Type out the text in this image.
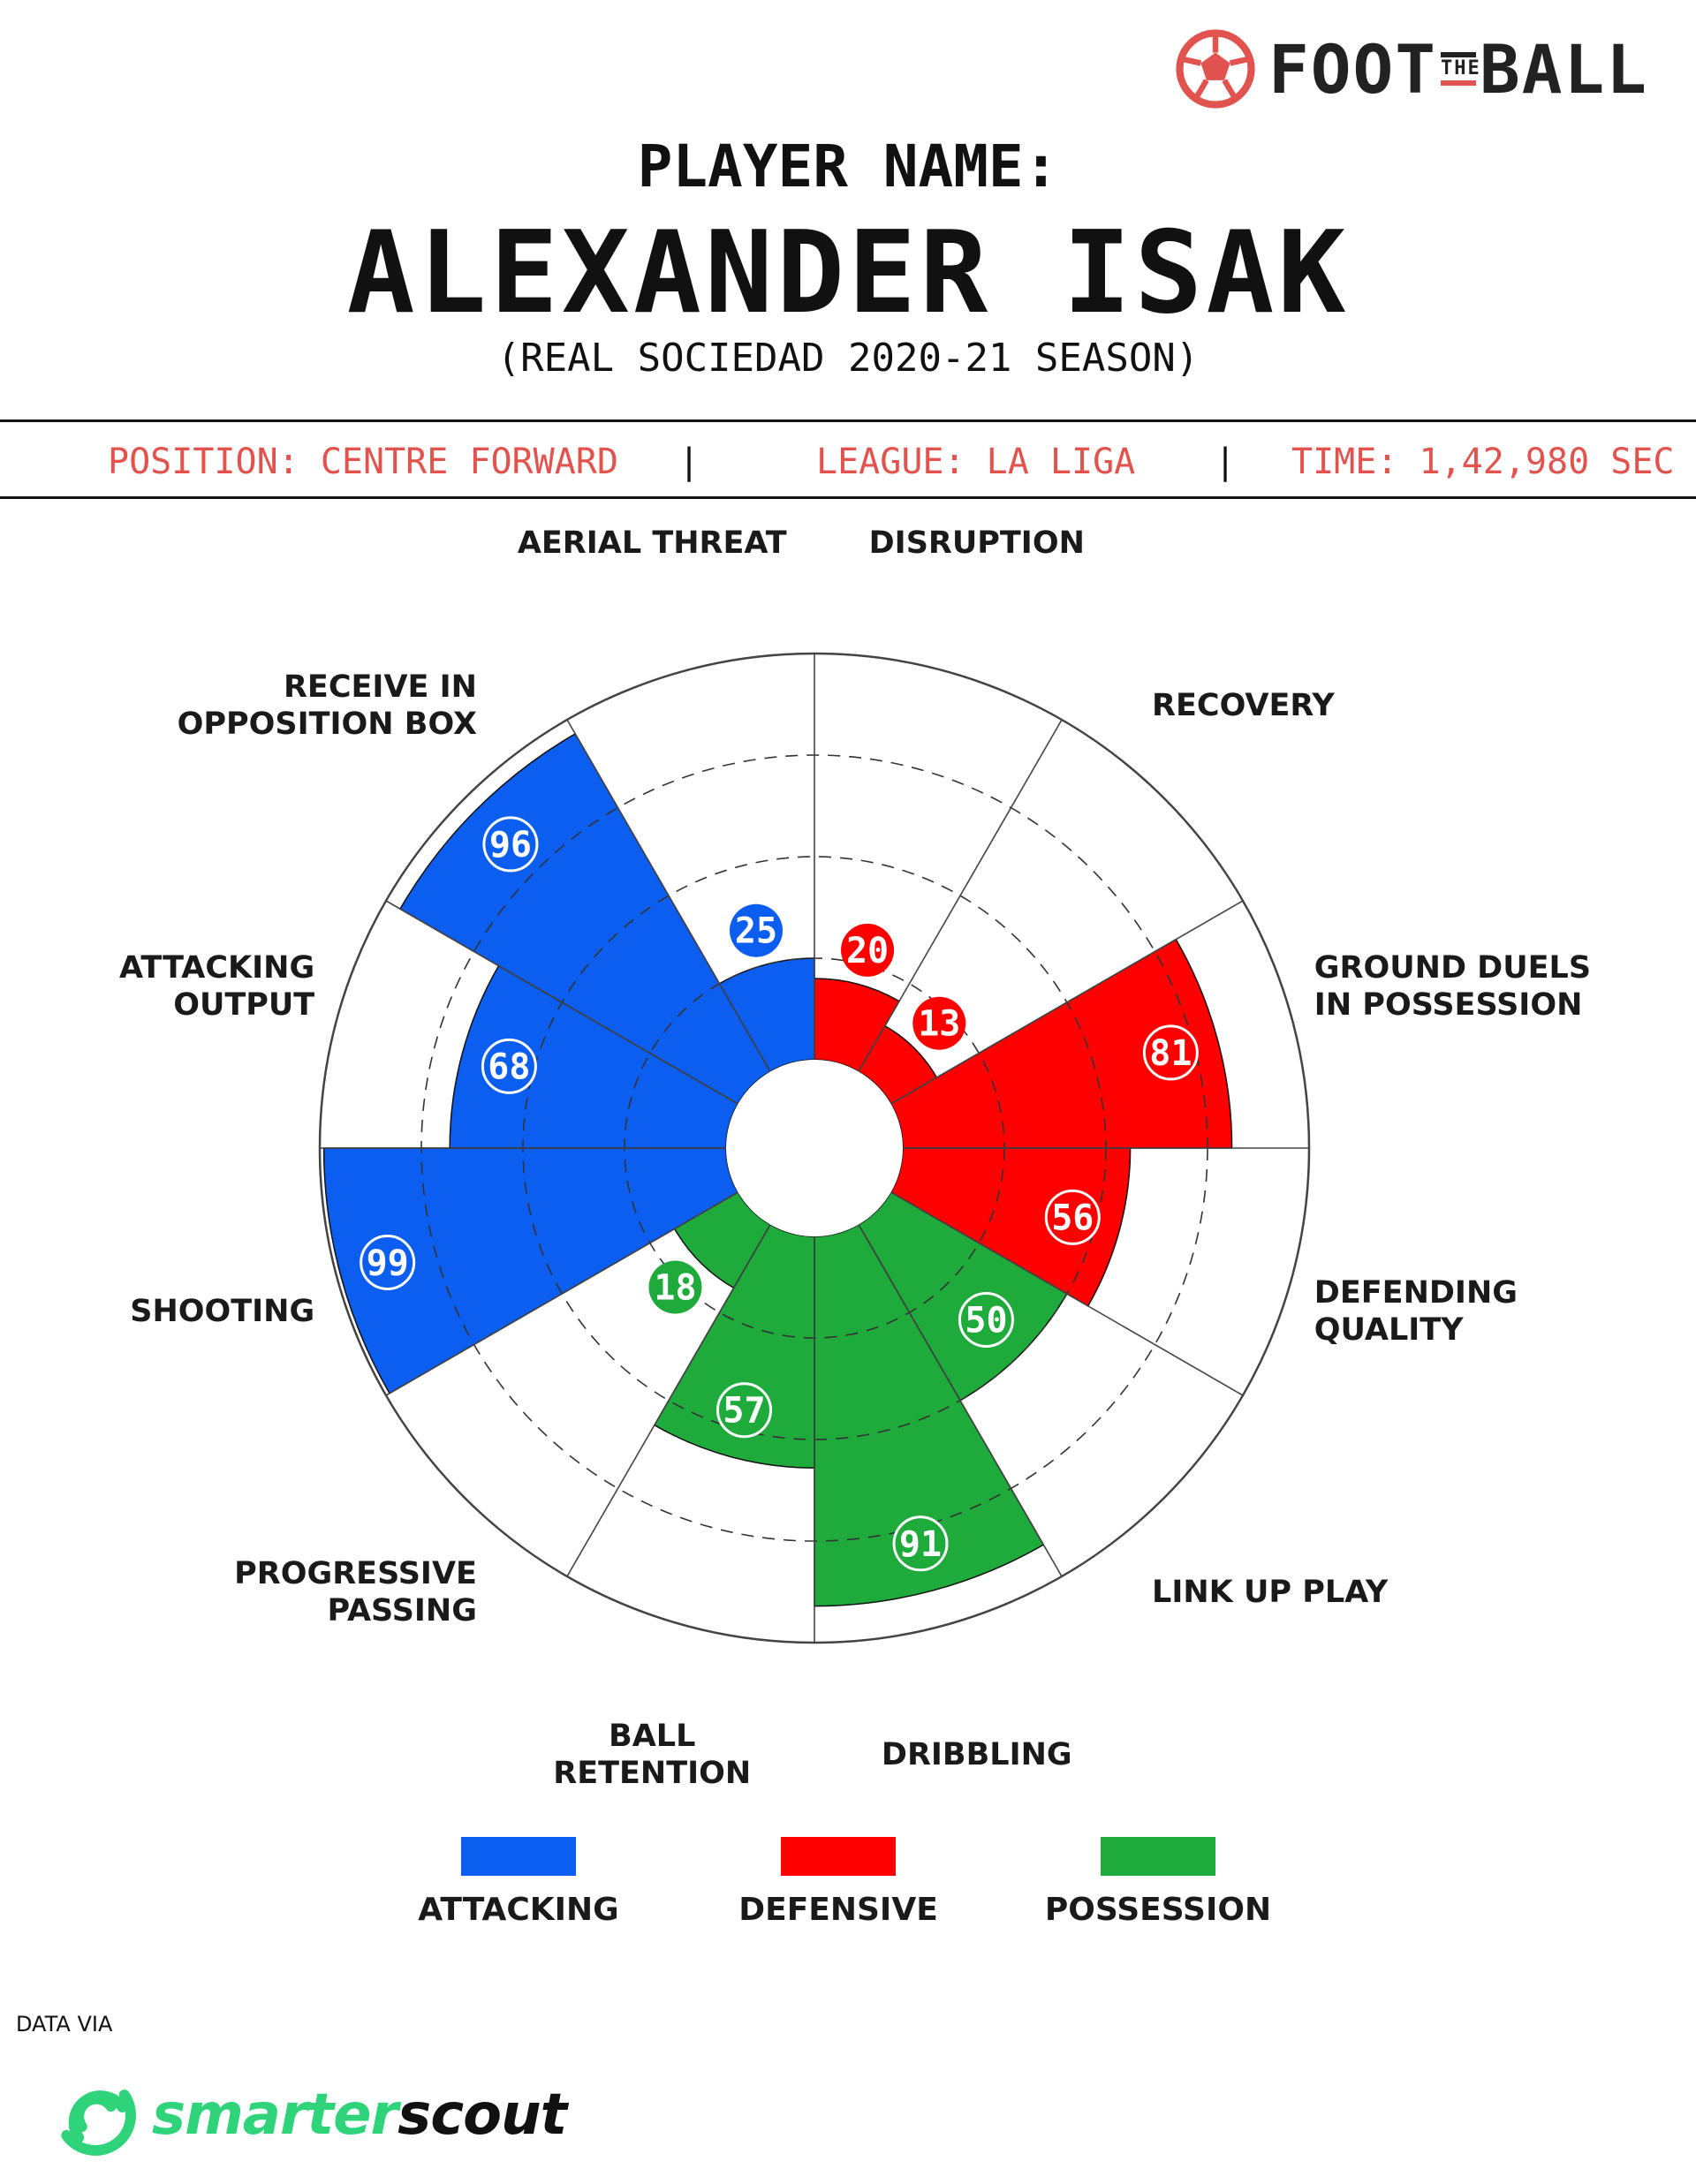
FOOT THE
BALL
PLAYER NAME:
ALEXANDER ISAK
(REAL SOCIEDAD 2020-21 SEASON)
POSITION: CENTRE FORWARD |	LEAGUE: LA LIGA | TIME: 1,42,980 SEC
20
13
81
56
50
91
57
18
99
68
96
25
DISRUPTION
RECOVERY
GROUND DUELS
IN POSSESSION
DEFENDING
QUALITY
LINK UP PLAY
DRIBBLING
BALL
RETENTION
PROGRESSIVE
PASSING
SHOOTING
ATTACKING
OUTPUT
RECEIVE IN
OPPOSITION BOX
AERIAL THREAT
ATTACKING	DEFENSIVE	POSSESSION
DATA VIA
smarterscout
